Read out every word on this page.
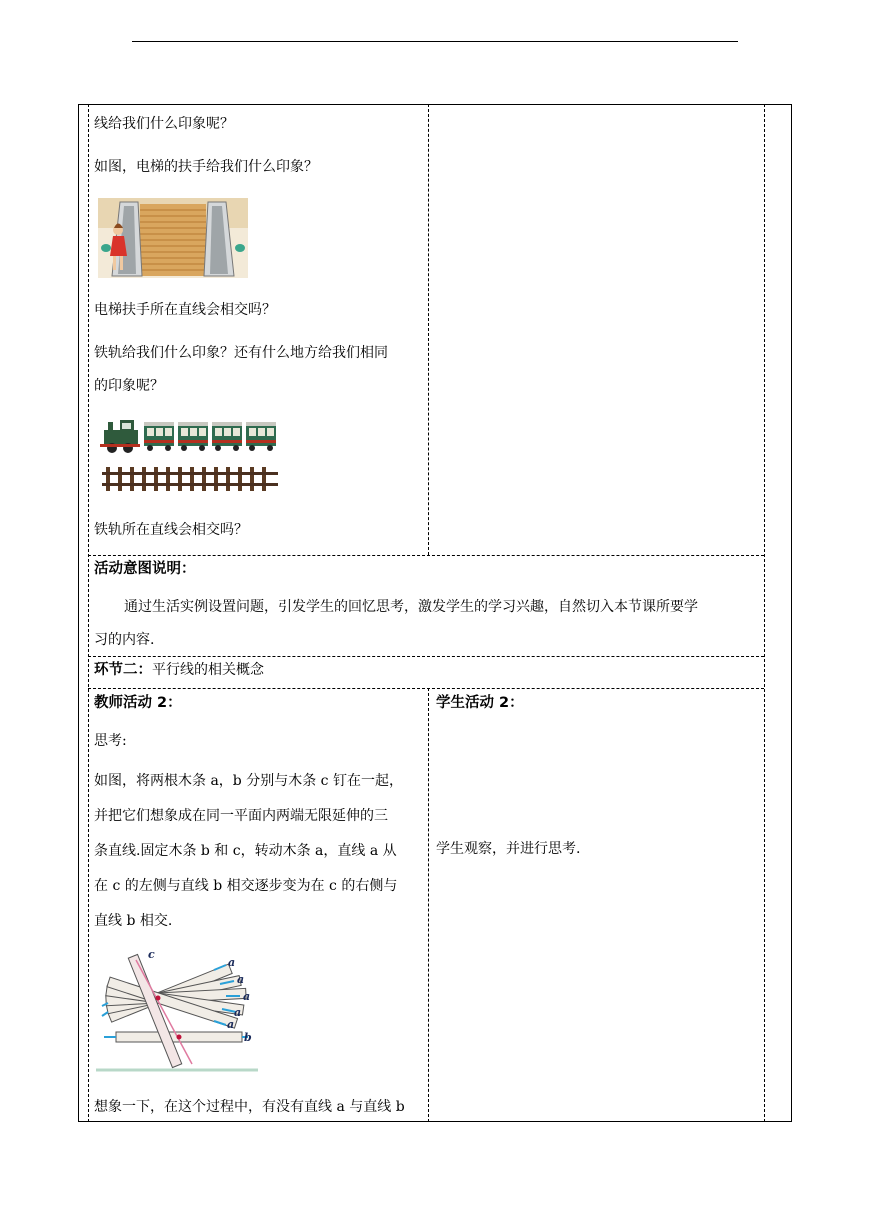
线给我们什么印象呢？
如图，电梯的扶手给我们什么印象？
电梯扶手所在直线会相交吗？
铁轨给我们什么印象？还有什么地方给我们相同
的印象呢？
铁轨所在直线会相交吗？
活动意图说明：
通过生活实例设置问题，引发学生的回忆思考，激发学生的学习兴趣，自然切入本节课所要学
习的内容.
环节二：平行线的相关概念
教师活动 2：
思考:
如图，将两根木条 a，b 分别与木条 c 钉在一起，
并把它们想象成在同一平面内两端无限延伸的三
条直线.固定木条 b 和 c，转动木条 a，直线 a 从
在 c 的左侧与直线 b 相交逐步变为在 c 的右侧与
直线 b 相交.
c
a
a
a
a
a
b
想象一下，在这个过程中，有没有直线 a 与直线 b
学生活动 2：
学生观察，并进行思考.
